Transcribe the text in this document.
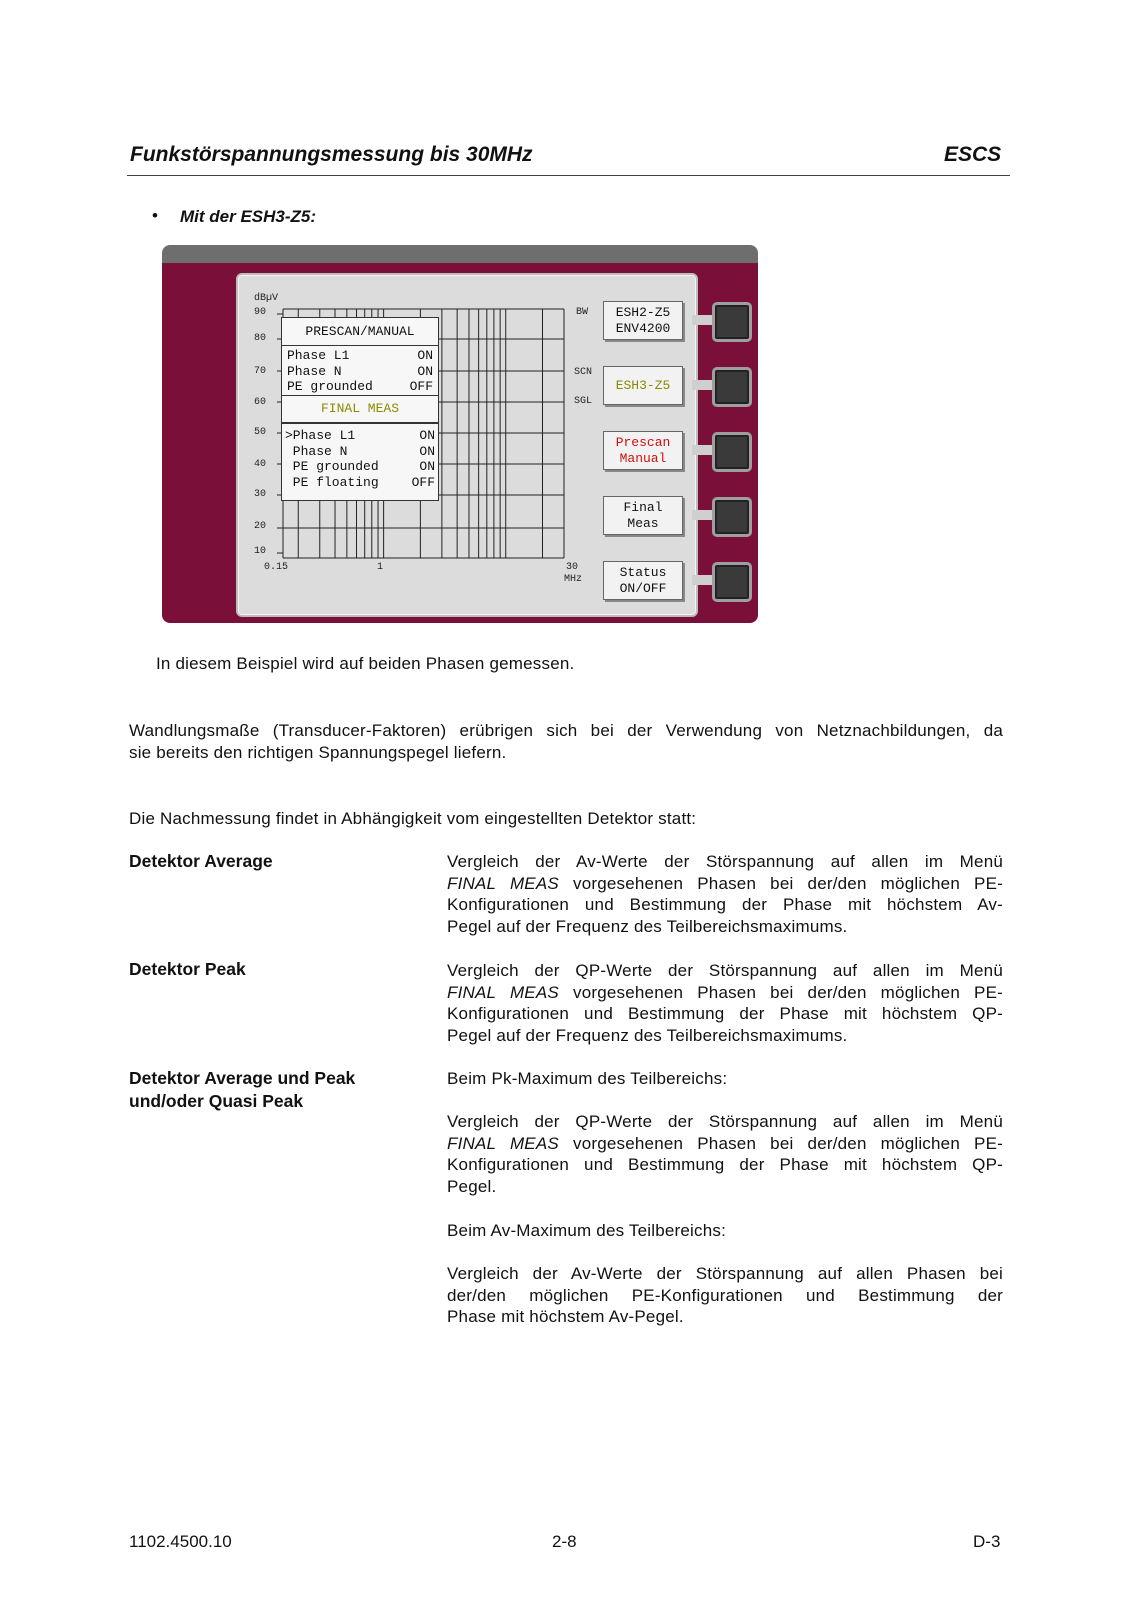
Funkstörspannungsmessung bis 30MHz	ESCS
• Mit der ESH3-Z5:
dBµV
90
80
70
60
50
40
30
20
10
0.15	1	30
MHz
BW
SCN
SGL
PRESCAN/MANUAL
Phase L1	ON
Phase N	ON
PE grounded	OFF
FINAL MEAS
>Phase L1	ON
Phase N	ON
PE grounded	ON
PE floating	OFF
ESH2-Z5
ENV4200
ESH3-Z5
Prescan
Manual
Final
Meas
Status
ON/OFF
In diesem Beispiel wird auf beiden Phasen gemessen.
Wandlungsmaße (Transducer-Faktoren) erübrigen sich bei der Verwendung von Netznachbildungen, da
sie bereits den richtigen Spannungspegel liefern.
Die Nachmessung findet in Abhängigkeit vom eingestellten Detektor statt:
Detektor Average	Vergleich der Av-Werte der Störspannung auf allen im Menü
FINAL MEAS vorgesehenen Phasen bei der/den möglichen PE-
Konfigurationen und Bestimmung der Phase mit höchstem Av-
Pegel auf der Frequenz des Teilbereichsmaximums.
Detektor Peak	Vergleich der QP-Werte der Störspannung auf allen im Menü
FINAL MEAS vorgesehenen Phasen bei der/den möglichen PE-
Konfigurationen und Bestimmung der Phase mit höchstem QP-
Pegel auf der Frequenz des Teilbereichsmaximums.
Detektor Average und Peak
und/oder Quasi Peak
Beim Pk-Maximum des Teilbereichs:
Vergleich der QP-Werte der Störspannung auf allen im Menü
FINAL MEAS vorgesehenen Phasen bei der/den möglichen PE-
Konfigurationen und Bestimmung der Phase mit höchstem QP-
Pegel.
Beim Av-Maximum des Teilbereichs:
Vergleich der Av-Werte der Störspannung auf allen Phasen bei
der/den möglichen PE-Konfigurationen und Bestimmung der
Phase mit höchstem Av-Pegel.
1102.4500.10	2-8	D-3
